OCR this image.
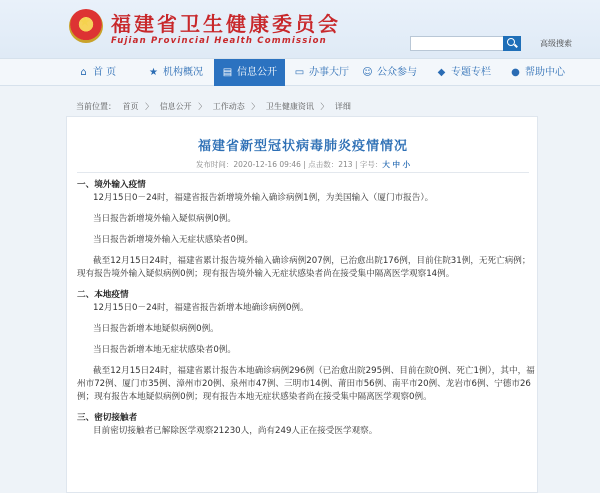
★
福建省卫生健康委员会
Fujian Provincial Health Commission	高级搜索
⌂ 首 页	★ 机构概况	▤ 信息公开	▭ 办事大厅 ☺ 公众参与 ◆ 专题专栏 ● 帮助中心
当前位置： 首页 〉 信息公开 〉 工作动态 〉 卫生健康资讯 〉 详细
福建省新型冠状病毒肺炎疫情情况
发布时间：2020-12-16 09:46 | 点击数：213 | 字号：大 中 小
一、境外输入疫情
12月15日0－24时，福建省报告新增境外输入确诊病例1例，为美国输入（厦门市报告）。
当日报告新增境外输入疑似病例0例。
当日报告新增境外输入无症状感染者0例。
截至12月15日24时，福建省累计报告境外输入确诊病例207例，已治愈出院176例，目前住院31例，无死亡病例；现有报告境外输入疑似病例0例；现有报告境外输入无症状感染者尚在接受集中隔离医学观察14例。
二、本地疫情
12月15日0－24时，福建省报告新增本地确诊病例0例。
当日报告新增本地疑似病例0例。
当日报告新增本地无症状感染者0例。
截至12月15日24时，福建省累计报告本地确诊病例296例（已治愈出院295例、目前在院0例、死亡1例），其中，福州市72例、厦门市35例、漳州市20例、泉州市47例、三明市14例、莆田市56例、南平市20例、龙岩市6例、宁德市26例；现有报告本地疑似病例0例；现有报告本地无症状感染者尚在接受集中隔离医学观察0例。
三、密切接触者
目前密切接触者已解除医学观察21230人，尚有249人正在接受医学观察。
